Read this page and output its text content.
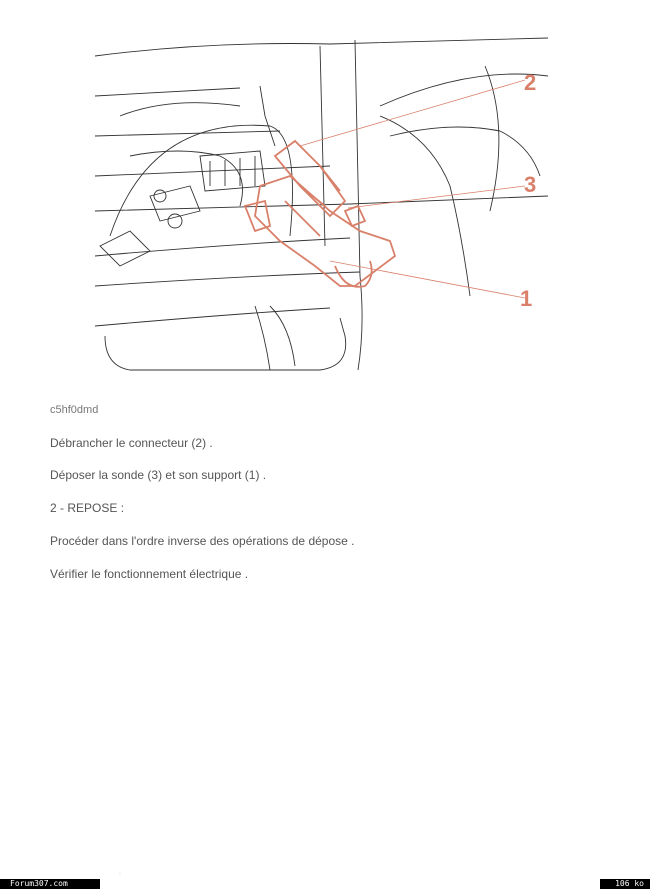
2
3
1
c5hf0dmd
Débrancher le connecteur (2) .
Déposer la sonde (3) et son support (1) .
2 - REPOSE :
Procéder dans l'ordre inverse des opérations de dépose .
Vérifier le fonctionnement électrique .
·
Forum307.com	106 ko
